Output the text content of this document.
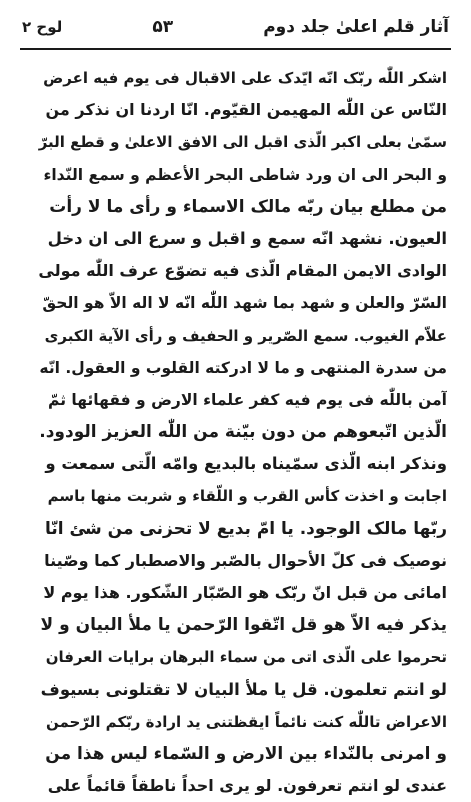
آثار قلم اعلیٰ جلد دوم
۵۳
لوح ۲
اشکر اللّٰه ربّک انّه ایّدک علی الاقبال فی یوم فیه اعرض
النّاس عن اللّٰه المهیمن القیّوم. انّا اردنا ان نذکر من
سمّیٰ بعلی اکبر الّذی اقبل الی الافق الاعلیٰ و قطع البرّ
و البحر الی ان ورد شاطی البحر الأعظم و سمع النّداء
من مطلع بیان ربّه مالک الاسماء و رأی ما لا رأت
العیون. نشهد انّه سمع و اقبل و سرع الی ان دخل
الوادی الایمن المقام الّذی فیه تضوّع عرف اللّٰه مولی
السّرّ والعلن و شهد بما شهد اللّٰه انّه لا اله الاّ هو الحقّ
علاّم الغیوب. سمع الصّریر و الحفیف و رأی الآیة الکبری
من سدرة المنتهی و ما لا ادرکته القلوب و العقول. انّه
آمن باللّٰه فی یوم فیه کفر علماء الارض و فقهائها ثمّ
الّذین اتّبعوهم من دون بیّنة من اللّٰه العزیز الودود.
ونذکر ابنه الّذی سمّیناه بالبدیع وامّه الّتی سمعت و
اجابت و اخذت کأس القرب و اللّقاء و شربت منها باسم
ربّها مالک الوجود. یا امّ بدیع لا تحزنی من شئ انّا
نوصیک فی کلّ الأحوال بالصّبر والاصطبار کما وصّینا
امائی من قبل انّ ربّک هو الصّبّار الشّکور. هذا یوم لا
یذکر فیه الاّ هو قل اتّقوا الرّحمن یا ملأ البیان و لا
تحرموا علی الّذی اتی من سماء البرهان برایات العرفان
لو انتم تعلمون. قل یا ملأ البیان لا تقتلونی بسیوف
الاعراض تاللّٰه کنت نائماً ایقظتنی ید ارادة ربّکم الرّحمن
و امرنی بالنّداء بین الارض و السّماء لیس هذا من
عندی لو انتم تعرفون. لو یری احداً ناطقاً قائماً علی
